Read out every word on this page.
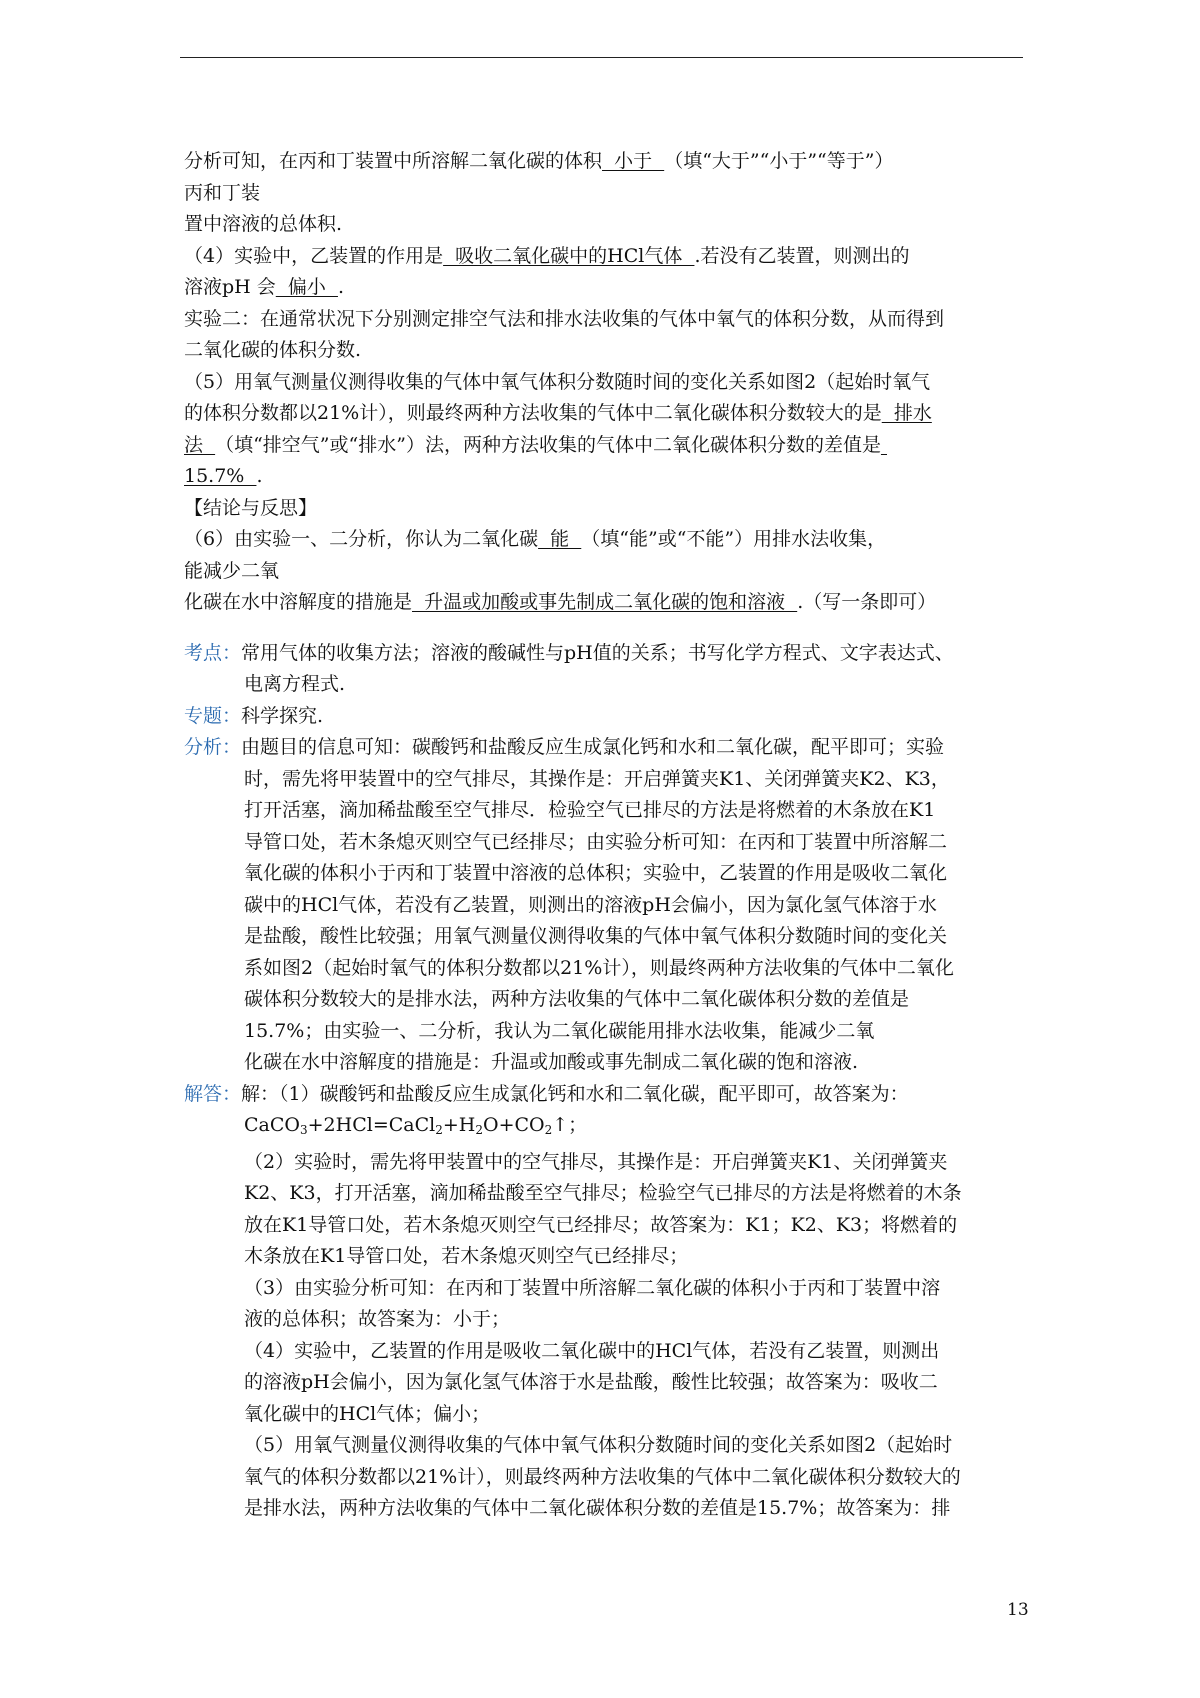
分析可知，在丙和丁装置中所溶解二氧化碳的体积  小于  （填“大于”“小于”“等于”）
丙和丁装
置中溶液的总体积.
（4）实验中，乙装置的作用是  吸收二氧化碳中的HCl气体  .若没有乙装置，则测出的
溶液pH 会  偏小  .
实验二：在通常状况下分别测定排空气法和排水法收集的气体中氧气的体积分数，从而得到
二氧化碳的体积分数.
（5）用氧气测量仪测得收集的气体中氧气体积分数随时间的变化关系如图2（起始时氧气
的体积分数都以21%计），则最终两种方法收集的气体中二氧化碳体积分数较大的是  排水
法  （填“排空气”或“排水”）法，两种方法收集的气体中二氧化碳体积分数的差值是
15.7%  .
【结论与反思】
（6）由实验一、二分析，你认为二氧化碳  能  （填“能”或“不能”）用排水法收集，
能减少二氧
化碳在水中溶解度的措施是  升温或加酸或事先制成二氧化碳的饱和溶液  .（写一条即可）
考点：常用气体的收集方法；溶液的酸碱性与pH值的关系；书写化学方程式、文字表达式、
电离方程式.
专题：科学探究.
分析：由题目的信息可知：碳酸钙和盐酸反应生成氯化钙和水和二氧化碳，配平即可；实验
时，需先将甲装置中的空气排尽，其操作是：开启弹簧夹K1、关闭弹簧夹K2、K3，
打开活塞，滴加稀盐酸至空气排尽．检验空气已排尽的方法是将燃着的木条放在K1
导管口处，若木条熄灭则空气已经排尽；由实验分析可知：在丙和丁装置中所溶解二
氧化碳的体积小于丙和丁装置中溶液的总体积；实验中，乙装置的作用是吸收二氧化
碳中的HCl气体，若没有乙装置，则测出的溶液pH会偏小，因为氯化氢气体溶于水
是盐酸，酸性比较强；用氧气测量仪测得收集的气体中氧气体积分数随时间的变化关
系如图2（起始时氧气的体积分数都以21%计），则最终两种方法收集的气体中二氧化
碳体积分数较大的是排水法，两种方法收集的气体中二氧化碳体积分数的差值是
15.7%；由实验一、二分析，我认为二氧化碳能用排水法收集，能减少二氧
化碳在水中溶解度的措施是：升温或加酸或事先制成二氧化碳的饱和溶液.
解答：解：（1）碳酸钙和盐酸反应生成氯化钙和水和二氧化碳，配平即可，故答案为：
$CaCO_3+2HCl=CaCl_2+H_2O+CO_2↑$；
（2）实验时，需先将甲装置中的空气排尽，其操作是：开启弹簧夹K1、关闭弹簧夹
K2、K3，打开活塞，滴加稀盐酸至空气排尽；检验空气已排尽的方法是将燃着的木条
放在K1导管口处，若木条熄灭则空气已经排尽；故答案为：K1；K2、K3；将燃着的
木条放在K1导管口处，若木条熄灭则空气已经排尽；
（3）由实验分析可知：在丙和丁装置中所溶解二氧化碳的体积小于丙和丁装置中溶
液的总体积；故答案为：小于；
（4）实验中，乙装置的作用是吸收二氧化碳中的HCl气体，若没有乙装置，则测出
的溶液pH会偏小，因为氯化氢气体溶于水是盐酸，酸性比较强；故答案为：吸收二
氧化碳中的HCl气体；偏小；
（5）用氧气测量仪测得收集的气体中氧气体积分数随时间的变化关系如图2（起始时
氧气的体积分数都以21%计），则最终两种方法收集的气体中二氧化碳体积分数较大的
是排水法，两种方法收集的气体中二氧化碳体积分数的差值是15.7%；故答案为：排
13
